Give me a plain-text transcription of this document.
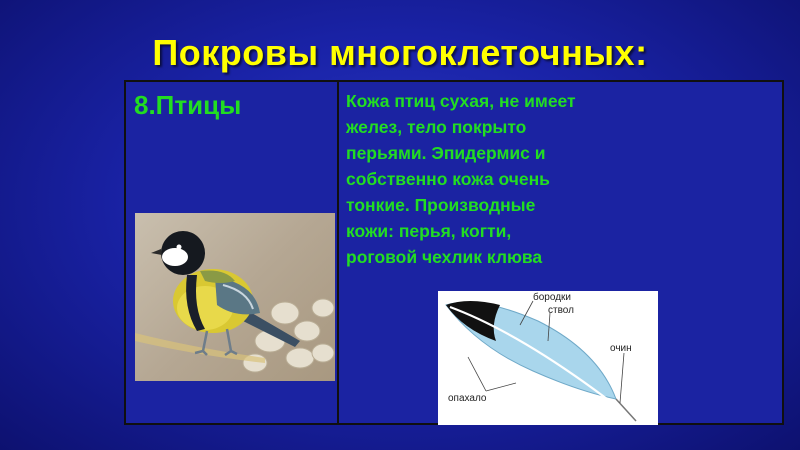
Покровы многоклеточных:
8.Птицы	Кожа птиц сухая, не имеет
желез, тело покрыто
перьями. Эпидермис и
собственно кожа очень
тонкие. Производные
кожи: перья, когти,
роговой чехлик клюва
бородки
ствол
очин
опахало
